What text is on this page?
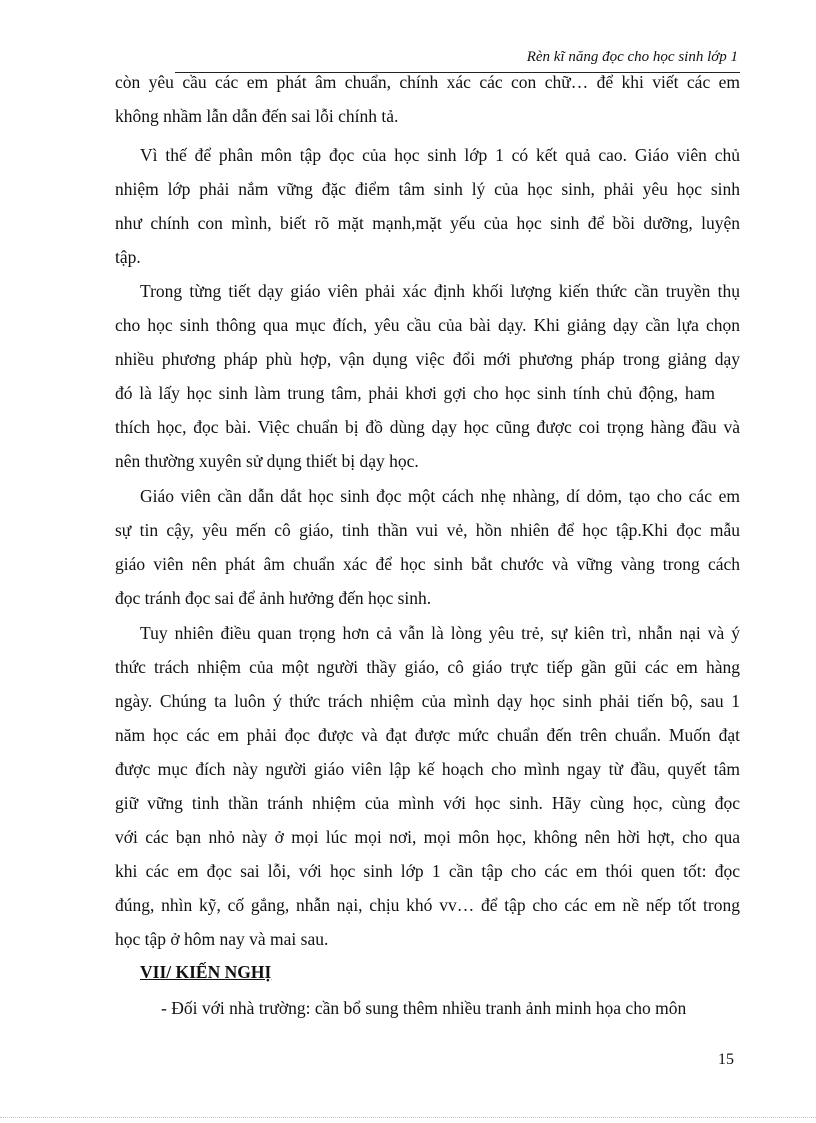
Rèn kĩ năng đọc cho học sinh lớp 1
còn yêu cầu các em phát âm chuẩn, chính xác các con chữ… để khi viết các em
không nhầm lẫn dẫn đến sai lỗi chính tả.
Vì thế để phân môn tập đọc của học sinh lớp 1 có kết quả cao. Giáo viên chủ
nhiệm lớp phải nắm vững đặc điểm tâm sinh lý của học sinh, phải yêu học sinh
như chính con mình, biết rõ mặt mạnh,mặt yếu của học sinh để bồi dưỡng, luyện
tập.
Trong từng tiết dạy giáo viên phải xác định khối lượng kiến thức cần truyền thụ
cho học sinh thông qua mục đích, yêu cầu của bài dạy. Khi giảng dạy cần lựa chọn
nhiều phương pháp phù hợp, vận dụng việc đổi mới phương pháp trong giảng dạy
đó là lấy học sinh làm trung tâm, phải khơi gợi cho học sinh tính chủ động, ham
thích học, đọc bài. Việc chuẩn bị đồ dùng dạy học cũng được coi trọng hàng đầu và
nên thường xuyên sử dụng thiết bị dạy học.
Giáo viên cần dẫn dắt học sinh đọc một cách nhẹ nhàng, dí dỏm, tạo cho các em
sự tin cậy, yêu mến cô giáo, tinh thần vui vẻ, hồn nhiên để học tập.Khi đọc mẫu
giáo viên nên phát âm chuẩn xác để học sinh bắt chước và vững vàng trong cách
đọc tránh đọc sai để ảnh hưởng đến học sinh.
Tuy nhiên điều quan trọng hơn cả vẫn là lòng yêu trẻ, sự kiên trì, nhẫn nại và ý
thức trách nhiệm của một người thầy giáo, cô giáo trực tiếp gần gũi các em hàng
ngày. Chúng ta luôn ý thức trách nhiệm của mình dạy học sinh phải tiến bộ, sau 1
năm học các em phải đọc được và đạt được mức chuẩn đến trên chuẩn. Muốn đạt
được mục đích này người giáo viên lập kế hoạch cho mình ngay từ đầu, quyết tâm
giữ vững tinh thần tránh nhiệm của mình với học sinh. Hãy cùng học, cùng đọc
với các bạn nhỏ này ở mọi lúc mọi nơi, mọi môn học, không nên hời hợt, cho qua
khi các em đọc sai lỗi, với học sinh lớp 1 cần tập cho các em thói quen tốt: đọc
đúng, nhìn kỹ, cố gắng, nhẫn nại, chịu khó vv… để tập cho các em nề nếp tốt trong
học tập ở hôm nay và mai sau.
VII/ KIẾN NGHỊ
- Đối với nhà trường: cần bổ sung thêm nhiều tranh ảnh minh họa cho môn
15
